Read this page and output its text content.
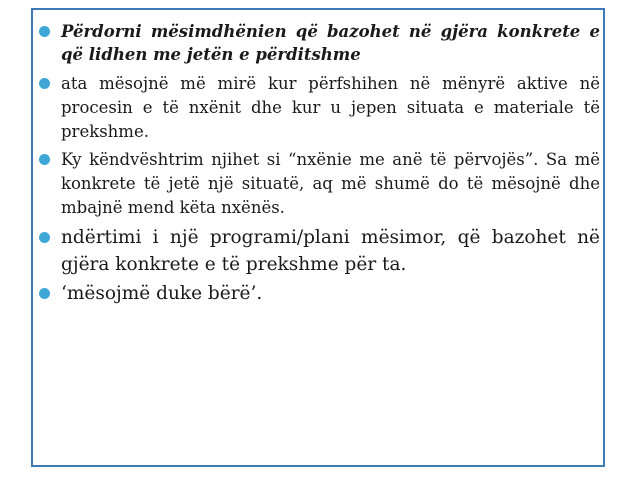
Përdorni mësimdhënien që bazohet në gjëra konkrete e që lidhen me jetën e përditshme
ata mësojnë më mirë kur përfshihen në mënyrë aktive në procesin e të nxënit dhe kur u jepen situata e materiale të prekshme.
Ky këndvështrim njihet si “nxënie me anë të përvojës”. Sa më konkrete të jetë një situatë, aq më shumë do të mësojnë dhe mbajnë mend këta nxënës.
ndërtimi i një programi/plani mësimor, që bazohet në gjëra konkrete e të prekshme për ta.
‘mësojmë duke bërë’.
